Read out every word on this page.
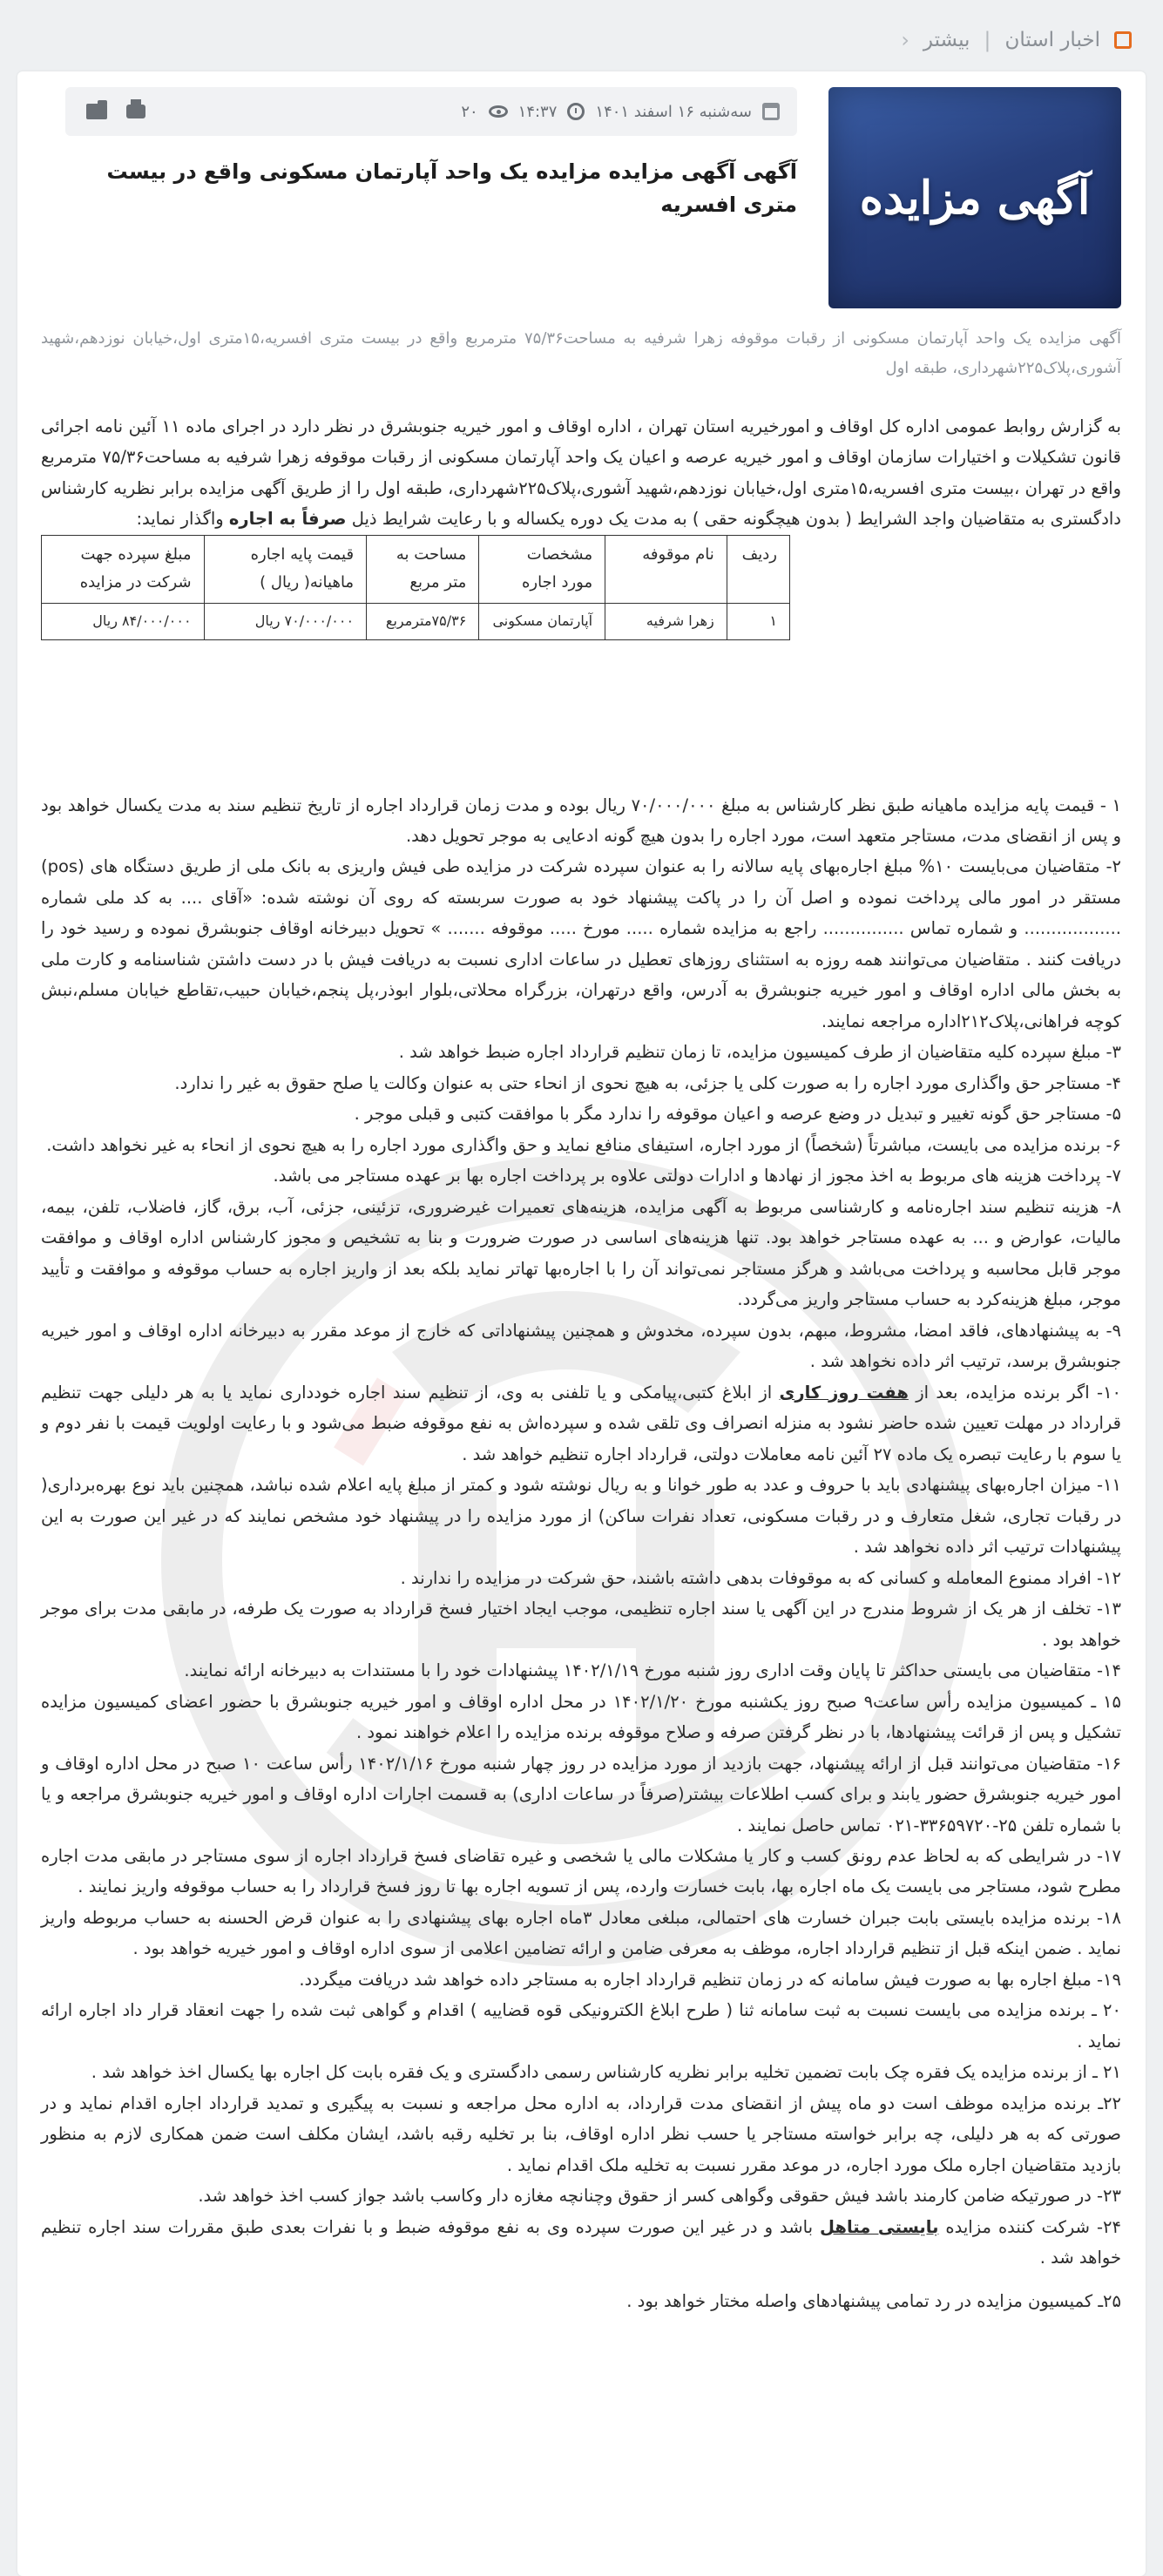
اخبار استان
|
بیشتر
‹
آگهی مزایده
سه‌شنبه ۱۶ اسفند ۱۴۰۱
۱۴:۳۷
۲۰
آگهی آگهی مزایده مزایده یک واحد آپارتمان مسکونی واقع در بیست متری افسریه

آگهی مزایده یک واحد آپارتمان مسکونی از رقبات موقوفه زهرا شرفیه به مساحت۷۵/۳۶ مترمربع واقع در بیست متری افسریه،۱۵متری اول،خیابان نوزدهم،شهید آشوری،پلاک۲۲۵شهرداری، طبقه اول

به گزارش روابط عمومی اداره کل اوقاف و امورخیریه استان تهران ، اداره اوقاف و امور خیریه جنوبشرق در نظر دارد در اجرای ماده ۱۱ آئین نامه اجرائی قانون تشکیلات و اختیارات سازمان اوقاف و امور خیریه عرصه و اعیان یک واحد آپارتمان مسکونی از رقبات موقوفه زهرا شرفیه به مساحت۷۵/۳۶ مترمربع واقع در تهران ،بیست متری افسریه،۱۵متری اول،خیابان نوزدهم،شهید آشوری،پلاک۲۲۵شهرداری، طبقه اول را از طریق آگهی مزایده برابر نظریه کارشناس دادگستری به متقاضیان واجد الشرایط ( بدون هیچگونه حقی ) به مدت یک دوره یکساله و با رعایت شرایط ذیل صرفاً به اجاره واگذار نماید:

ردیف	نام موقوفه	مشخصات مورد اجاره	مساحت به متر مربع	قیمت پایه اجاره ماهیانه( ریال )	مبلغ سپرده جهت شرکت در مزایده
۱	زهرا شرفیه	آپارتمان مسکونی	۷۵/۳۶مترمربع	۷۰/۰۰۰/۰۰۰ ریال	۸۴/۰۰۰/۰۰۰ ریال

۱ - قیمت پایه مزایده ماهیانه طبق نظر کارشناس به مبلغ ۷۰/۰۰۰/۰۰۰ ریال بوده و مدت زمان قرارداد اجاره از تاریخ تنظیم سند به مدت یکسال خواهد بود و پس از انقضای مدت، مستاجر متعهد است، مورد اجاره را بدون هیچ گونه ادعایی به موجر تحویل دهد.

۲- متقاضیان می‌بایست ۱۰% مبلغ اجاره‌بهای پایه سالانه را به عنوان سپرده شرکت در مزایده طی فیش واریزی به بانک ملی از طریق دستگاه های (pos) مستقر در امور مالی پرداخت نموده و اصل آن را در پاکت پیشنهاد خود به صورت سربسته که روی آن نوشته شده: «آقای .... به کد ملی شماره .................. و شماره تماس ............... راجع به مزایده شماره ..... مورخ ..... موقوفه ....... » تحویل دبیرخانه اوقاف جنوبشرق نموده و رسید خود را دریافت کنند . متقاضیان می‌توانند همه روزه به استثنای روزهای تعطیل در ساعات اداری نسبت به دریافت فیش با در دست داشتن شناسنامه و کارت ملی به بخش مالی اداره اوقاف و امور خیریه جنوبشرق به آدرس، واقع درتهران، بزرگراه محلاتی،بلوار ابوذر،پل پنجم،خیابان حبیب،تقاطع خیابان مسلم،نبش کوچه فراهانی،پلاک۲۱۲اداره مراجعه نمایند.

۳- مبلغ سپرده کلیه متقاضیان از طرف کمیسیون مزایده، تا زمان تنظیم قرارداد اجاره ضبط خواهد شد .

۴- مستاجر حق واگذاری مورد اجاره را به صورت کلی یا جزئی، به هیچ نحوی از انحاء حتی به عنوان وکالت یا صلح حقوق به غیر را ندارد.

۵- مستاجر حق گونه تغییر و تبدیل در وضع عرصه و اعیان موقوفه را ندارد مگر با موافقت کتبی و قبلی موجر .

۶- برنده مزایده می بایست، مباشرتاً (شخصاً) از مورد اجاره، استیفای منافع نماید و حق واگذاری مورد اجاره را به هیچ نحوی از انحاء به غیر نخواهد داشت.

۷- پرداخت هزینه های مربوط به اخذ مجوز از نهادها و ادارات دولتی علاوه بر پرداخت اجاره بها بر عهده مستاجر می باشد.

۸- هزینه تنظیم سند اجاره‌نامه و کارشناسی مربوط به آگهی مزایده، هزینه‌های تعمیرات غیرضروری، تزئینی، جزئی، آب، برق، گاز، فاضلاب، تلفن، بیمه، مالیات، عوارض و ... به عهده مستاجر خواهد بود. تنها هزینه‌های اساسی در صورت ضرورت و بنا به تشخیص و مجوز کارشناس اداره اوقاف و موافقت موجر قابل محاسبه و پرداخت می‌باشد و هرگز مستاجر نمی‌تواند آن را با اجاره‌بها تهاتر نماید بلکه بعد از واریز اجاره به حساب موقوفه و موافقت و تأیید موجر، مبلغ هزینه‌کرد به حساب مستاجر واریز می‌گردد.

۹- به پیشنهادهای، فاقد امضا، مشروط، مبهم، بدون سپرده، مخدوش و همچنین پیشنهاداتی که خارج از موعد مقرر به دبیرخانه اداره اوقاف و امور خیریه جنوبشرق برسد، ترتیب اثر داده نخواهد شد .

۱۰- اگر برنده مزایده، بعد از هفت روز کاری از ابلاغ کتبی،پیامکی و یا تلفنی به وی، از تنظیم سند اجاره خودداری نماید یا به هر دلیلی جهت تنظیم قرارداد در مهلت تعیین شده حاضر نشود به منزله انصراف وی تلقی شده و سپرده‌اش به نفع موقوفه ضبط می‌شود و با رعایت اولویت قیمت با نفر دوم و یا سوم با رعایت تبصره یک ماده ۲۷ آئین نامه معاملات دولتی، قرارداد اجاره تنظیم خواهد شد .

۱۱- میزان اجاره‌بهای پیشنهادی باید با حروف و عدد به طور خوانا و به ریال نوشته شود و کمتر از مبلغ پایه اعلام شده نباشد، همچنین باید نوع بهره‌برداری( در رقبات تجاری، شغل متعارف و در رقبات مسکونی، تعداد نفرات ساکن) از مورد مزایده را در پیشنهاد خود مشخص نمایند که در غیر این صورت به این پیشنهادات ترتیب اثر داده نخواهد شد .

۱۲- افراد ممنوع المعامله و کسانی که به موقوفات بدهی داشته باشند، حق شرکت در مزایده را ندارند .

۱۳- تخلف از هر یک از شروط مندرج در این آگهی یا سند اجاره تنظیمی، موجب ایجاد اختیار فسخ قرارداد به صورت یک طرفه، در مابقی مدت برای موجر خواهد بود .

۱۴- متقاضیان می بایستی حداکثر تا پایان وقت اداری روز شنبه مورخ ۱۴۰۲/۱/۱۹ پیشنهادات خود را با مستندات به دبیرخانه ارائه نمایند.

۱۵ ـ کمیسیون مزایده رأس ساعت۹ صبح روز یکشنبه مورخ ۱۴۰۲/۱/۲۰ در محل اداره اوقاف و امور خیریه جنوبشرق با حضور اعضای کمیسیون مزایده تشکیل و پس از قرائت پیشنهادها، با در نظر گرفتن صرفه و صلاح موقوفه برنده مزایده را اعلام خواهند نمود .

۱۶- متقاضیان می‌توانند قبل از ارائه پیشنهاد، جهت بازدید از مورد مزایده در روز چهار شنبه مورخ ۱۴۰۲/۱/۱۶ رأس ساعت ۱۰ صبح در محل اداره اوقاف و امور خیریه جنوبشرق حضور یابند و برای کسب اطلاعات بیشتر(صرفاً در ساعات اداری) به قسمت اجارات اداره اوقاف و امور خیریه جنوبشرق مراجعه و یا با شماره تلفن ۲۵-۳۳۶۵۹۷۲۰-۰۲۱ تماس حاصل نمایند .

۱۷- در شرایطی که به لحاظ عدم رونق کسب و کار یا مشکلات مالی یا شخصی و غیره تقاضای فسخ قرارداد اجاره از سوی مستاجر در مابقی مدت اجاره مطرح شود، مستاجر می بایست یک ماه اجاره بها، بابت خسارت وارده، پس از تسویه اجاره بها تا روز فسخ قرارداد را به حساب موقوفه واریز نمایند .

۱۸- برنده مزایده بایستی بابت جبران خسارت های احتمالی، مبلغی معادل ۳ماه اجاره بهای پیشنهادی را به عنوان قرض الحسنه به حساب مربوطه واریز نماید . ضمن اینکه قبل از تنظیم قرارداد اجاره، موظف به معرفی ضامن و ارائه تضامین اعلامی از سوی اداره اوقاف و امور خیریه خواهد بود .

۱۹- مبلغ اجاره بها به صورت فیش سامانه که در زمان تنظیم قرارداد اجاره به مستاجر داده خواهد شد دریافت میگردد.

۲۰ ـ برنده مزایده می بایست نسبت به ثبت سامانه ثنا ( طرح ابلاغ الکترونیکی قوه قضاییه ) اقدام و گواهی ثبت شده را جهت انعقاد قرار داد اجاره ارائه نماید .

۲۱ ـ از برنده مزایده یک فقره چک بابت تضمین تخلیه برابر نظریه کارشناس رسمی دادگستری و یک فقره بابت کل اجاره بها یکسال اخذ خواهد شد .

۲۲ـ برنده مزایده موظف است دو ماه پیش از انقضای مدت قرارداد، به اداره محل مراجعه و نسبت به پیگیری و تمدید قرارداد اجاره اقدام نماید و در صورتی که به هر دلیلی، چه برابر خواسته مستاجر یا حسب نظر اداره اوقاف، بنا بر تخلیه رقبه باشد، ایشان مکلف است ضمن همکاری لازم به منظور بازدید متقاضیان اجاره ملک مورد اجاره، در موعد مقرر نسبت به تخلیه ملک اقدام نماید .

۲۳- در صورتیکه ضامن کارمند باشد فیش حقوقی وگواهی کسر از حقوق وچنانچه مغازه دار وکاسب باشد جواز کسب اخذ خواهد شد.

۲۴- شرکت کننده مزایده بایستی متاهل باشد و در غیر این صورت سپرده وی به نفع موقوفه ضبط و با نفرات بعدی طبق مقررات سند اجاره تنظیم خواهد شد .

۲۵ـ کمیسیون مزایده در رد تمامی پیشنهادهای واصله مختار خواهد بود .
